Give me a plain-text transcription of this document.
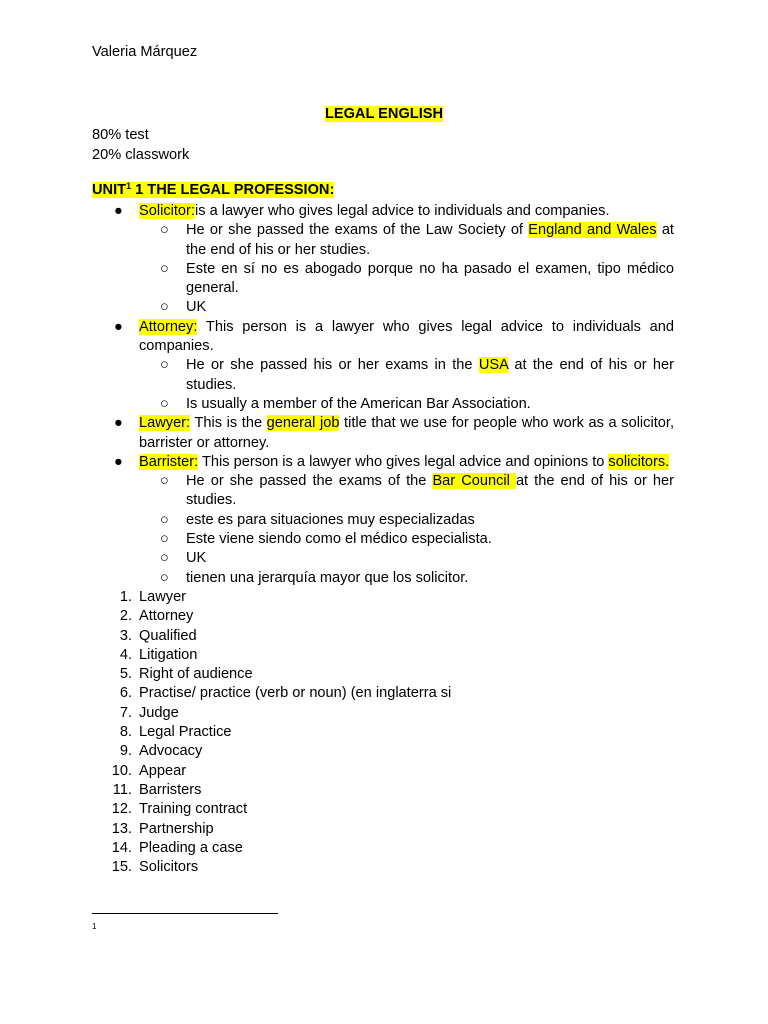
Valeria Márquez
LEGAL ENGLISH
80% test
20% classwork
UNIT$^1$ 1 THE LEGAL PROFESSION:
● Solicitor:is a lawyer who gives legal advice to individuals and companies.
○ He or she passed the exams of the Law Society of England and Wales at the end of his or her studies.
○ Este en sí no es abogado porque no ha pasado el examen, tipo médico general.
○ UK
● Attorney: This person is a lawyer who gives legal advice to individuals and companies.
○ He or she passed his or her exams in the USA at the end of his or her studies.
○ Is usually a member of the American Bar Association.
● Lawyer: This is the general job title that we use for people who work as a solicitor, barrister or attorney.
● Barrister: This person is a lawyer who gives legal advice and opinions to solicitors.
○ He or she passed the exams of the Bar Council at the end of his or her studies.
○ este es para situaciones muy especializadas
○ Este viene siendo como el médico especialista.
○ UK
○ tienen una jerarquía mayor que los solicitor.
1. Lawyer
2. Attorney
3. Qualified
4. Litigation
5. Right of audience
6. Practise/ practice (verb or noun) (en inglaterra si
7. Judge
8. Legal Practice
9. Advocacy
10. Appear
11. Barristers
12. Training contract
13. Partnership
14. Pleading a case
15. Solicitors
1
